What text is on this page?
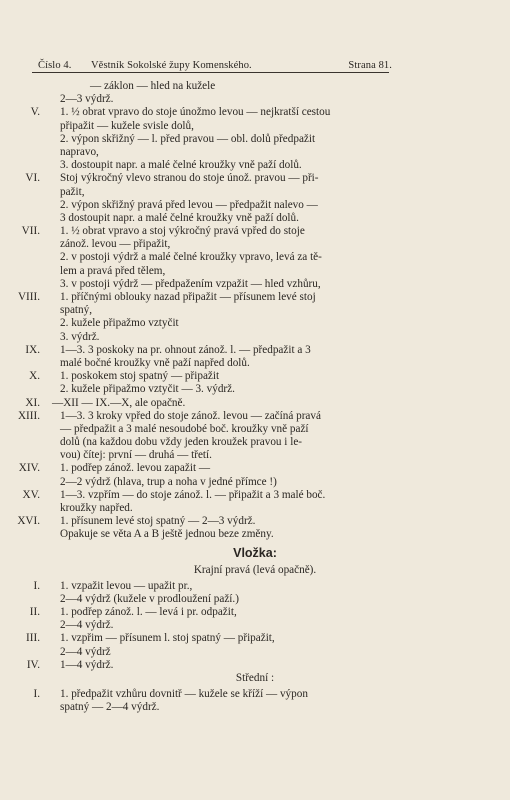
Číslo 4. Věstník Sokolské župy Komenského.	Strana 81.
— záklon — hled na kužele
2—3 výdrž.
V. 1. ½ obrat vpravo do stoje únožmo levou — nejkratší cestou
připažit — kužele svisle dolů,
2. výpon skřižný — l. před pravou — obl. dolů předpažit
napravo,
3. dostoupit napr. a malé čelné kroužky vně paží dolů.
VI. Stoj výkročný vlevo stranou do stoje únož. pravou — při-
pažit,
2. výpon skřižný pravá před levou — předpažit nalevo —
3 dostoupit napr. a malé čelné kroužky vně paží dolů.
VII. 1. ½ obrat vpravo a stoj výkročný pravá vpřed do stoje
zánož. levou — připažit,
2. v postoji výdrž a malé čelné kroužky vpravo, levá za tě-
lem a pravá před tělem,
3. v postoji výdrž — předpažením vzpažit — hled vzhůru,
VIII. 1. příčnými oblouky nazad připažit — přísunem levé stoj
spatný,
2. kužele připažmo vztyčit
3. výdrž.
IX. 1—3. 3 poskoky na pr. ohnout zánož. l. — předpažit a 3
malé bočné kroužky vně paží napřed dolů.
X. 1. poskokem stoj spatný — připažit
2. kužele připažmo vztyčit — 3. výdrž.
XI. —XII — IX.—X, ale opačně.
XIII. 1—3. 3 kroky vpřed do stoje zánož. levou — začíná pravá
— předpažit a 3 malé nesoudobé boč. kroužky vně paží
dolů (na každou dobu vždy jeden kroužek pravou i le-
vou) čítej: první — druhá — třetí.
XIV. 1. podřep zánož. levou zapažit —
2—2 výdrž (hlava, trup a noha v jedné přímce !)
XV. 1—3. vzpřím — do stoje zánož. l. — připažit a 3 malé boč.
kroužky napřed.
XVI. 1. přísunem levé stoj spatný — 2—3 výdrž.
Opakuje se věta A a B ještě jednou beze změny.
Vložka:
Krajní pravá (levá opačně).
I. 1. vzpažit levou — upažit pr.,
2—4 výdrž (kužele v prodloužení paží.)
II. 1. podřep zánož. l. — levá i pr. odpažit,
2—4 výdrž.
III. 1. vzpřim — přísunem l. stoj spatný — připažit,
2—4 výdrž
IV. 1—4 výdrž.
Střední :
I. 1. předpažit vzhůru dovnitř — kužele se kříží — výpon
spatný — 2—4 výdrž.
